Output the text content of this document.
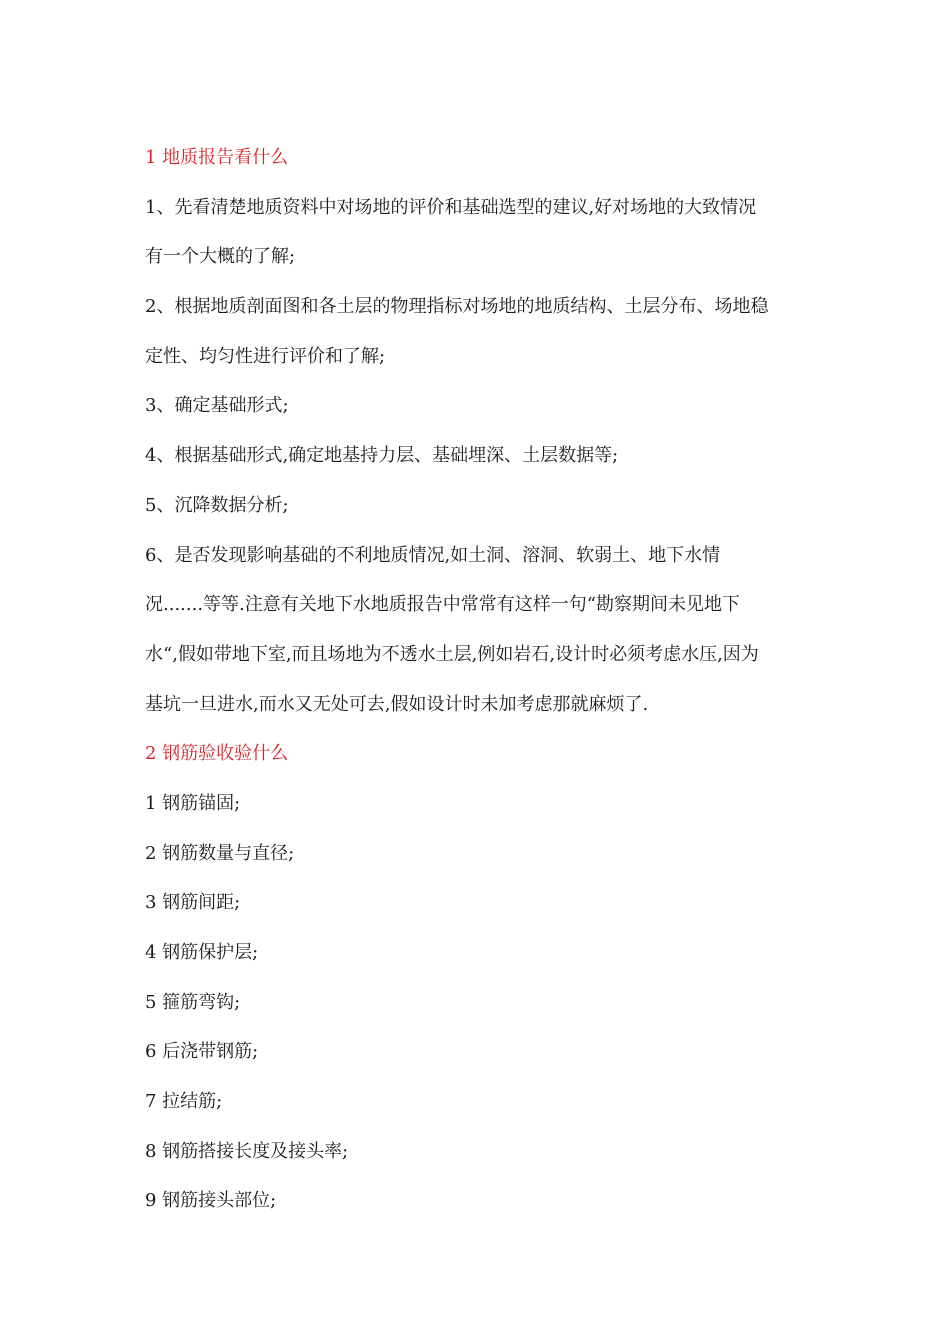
1 地质报告看什么
1、先看清楚地质资料中对场地的评价和基础选型的建议,好对场地的大致情况
有一个大概的了解;
2、根据地质剖面图和各土层的物理指标对场地的地质结构、土层分布、场地稳
定性、均匀性进行评价和了解;
3、确定基础形式;
4、根据基础形式,确定地基持力层、基础埋深、土层数据等;
5、沉降数据分析;
6、是否发现影响基础的不利地质情况,如土洞、溶洞、软弱土、地下水情
况.......等等.注意有关地下水地质报告中常常有这样一句“勘察期间未见地下
水“,假如带地下室,而且场地为不透水土层,例如岩石,设计时必须考虑水压,因为
基坑一旦进水,而水又无处可去,假如设计时未加考虑那就麻烦了.
2 钢筋验收验什么
1 钢筋锚固;
2 钢筋数量与直径;
3 钢筋间距;
4 钢筋保护层;
5 箍筋弯钩;
6 后浇带钢筋;
7 拉结筋;
8 钢筋搭接长度及接头率;
9 钢筋接头部位;
